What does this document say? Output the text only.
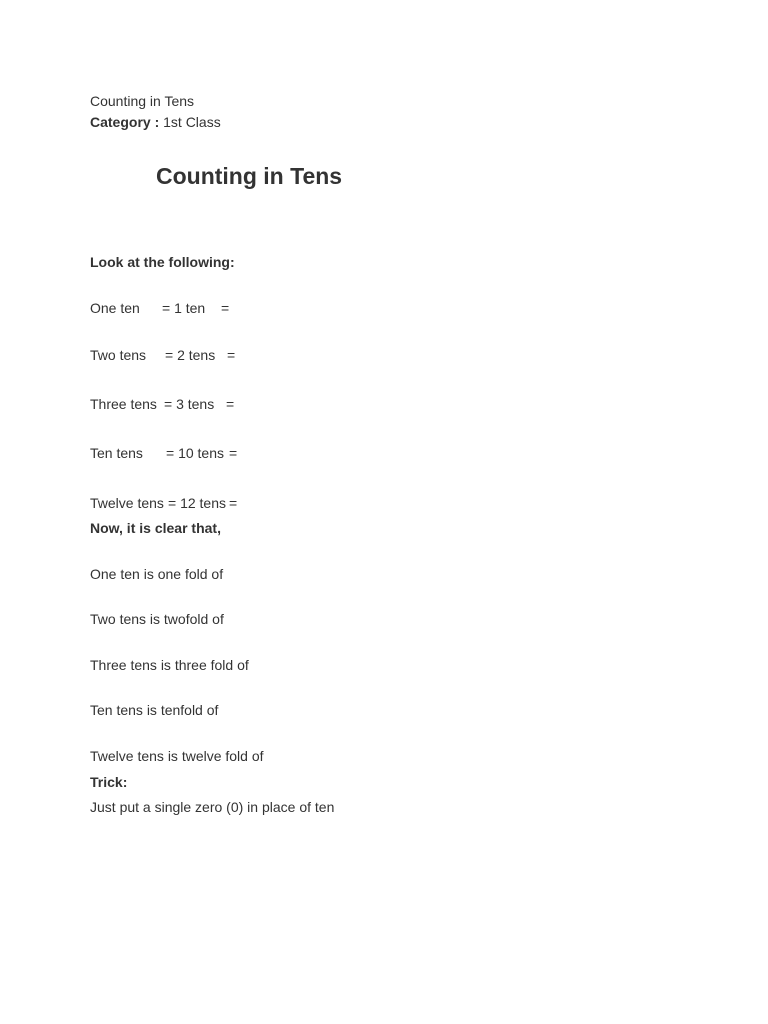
Counting in Tens
Category : 1st Class
Counting in Tens
Look at the following:
One ten = 1 ten =
Two tens = 2 tens =
Three tens = 3 tens =
Ten tens = 10 tens =
Twelve tens = 12 tens =
Now, it is clear that,
One ten is one fold of
Two tens is twofold of
Three tens is three fold of
Ten tens is tenfold of
Twelve tens is twelve fold of
Trick:
Just put a single zero (0) in place of ten
